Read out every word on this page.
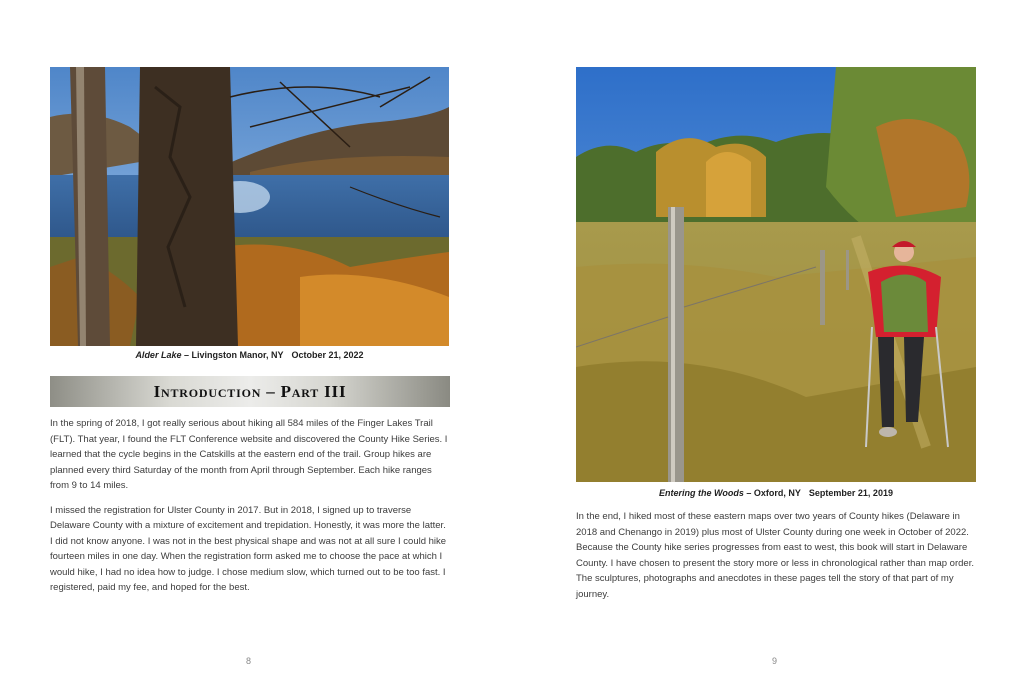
Alder Lake – Livingston Manor, NY October 21, 2022
Introduction – Part III

In the spring of 2018, I got really serious about hiking all 584 miles of the Finger Lakes Trail (FLT). That year, I found the FLT Conference website and discovered the County Hike Series. I learned that the cycle begins in the Catskills at the eastern end of the trail. Group hikes are planned every third Saturday of the month from April through September. Each hike ranges from 9 to 14 miles.

I missed the registration for Ulster County in 2017. But in 2018, I signed up to traverse Delaware County with a mixture of excitement and trepidation. Honestly, it was more the latter. I did not know anyone. I was not in the best physical shape and was not at all sure I could hike fourteen miles in one day. When the registration form asked me to choose the pace at which I would hike, I had no idea how to judge. I chose medium slow, which turned out to be too fast. I registered, paid my fee, and hoped for the best.

8
Entering the Woods – Oxford, NY September 21, 2019

In the end, I hiked most of these eastern maps over two years of County hikes (Delaware in 2018 and Chenango in 2019) plus most of Ulster County during one week in October of 2022. Because the County hike series progresses from east to west, this book will start in Delaware County. I have chosen to present the story more or less in chronological rather than map order. The sculptures, photographs and anecdotes in these pages tell the story of that part of my journey.

9
